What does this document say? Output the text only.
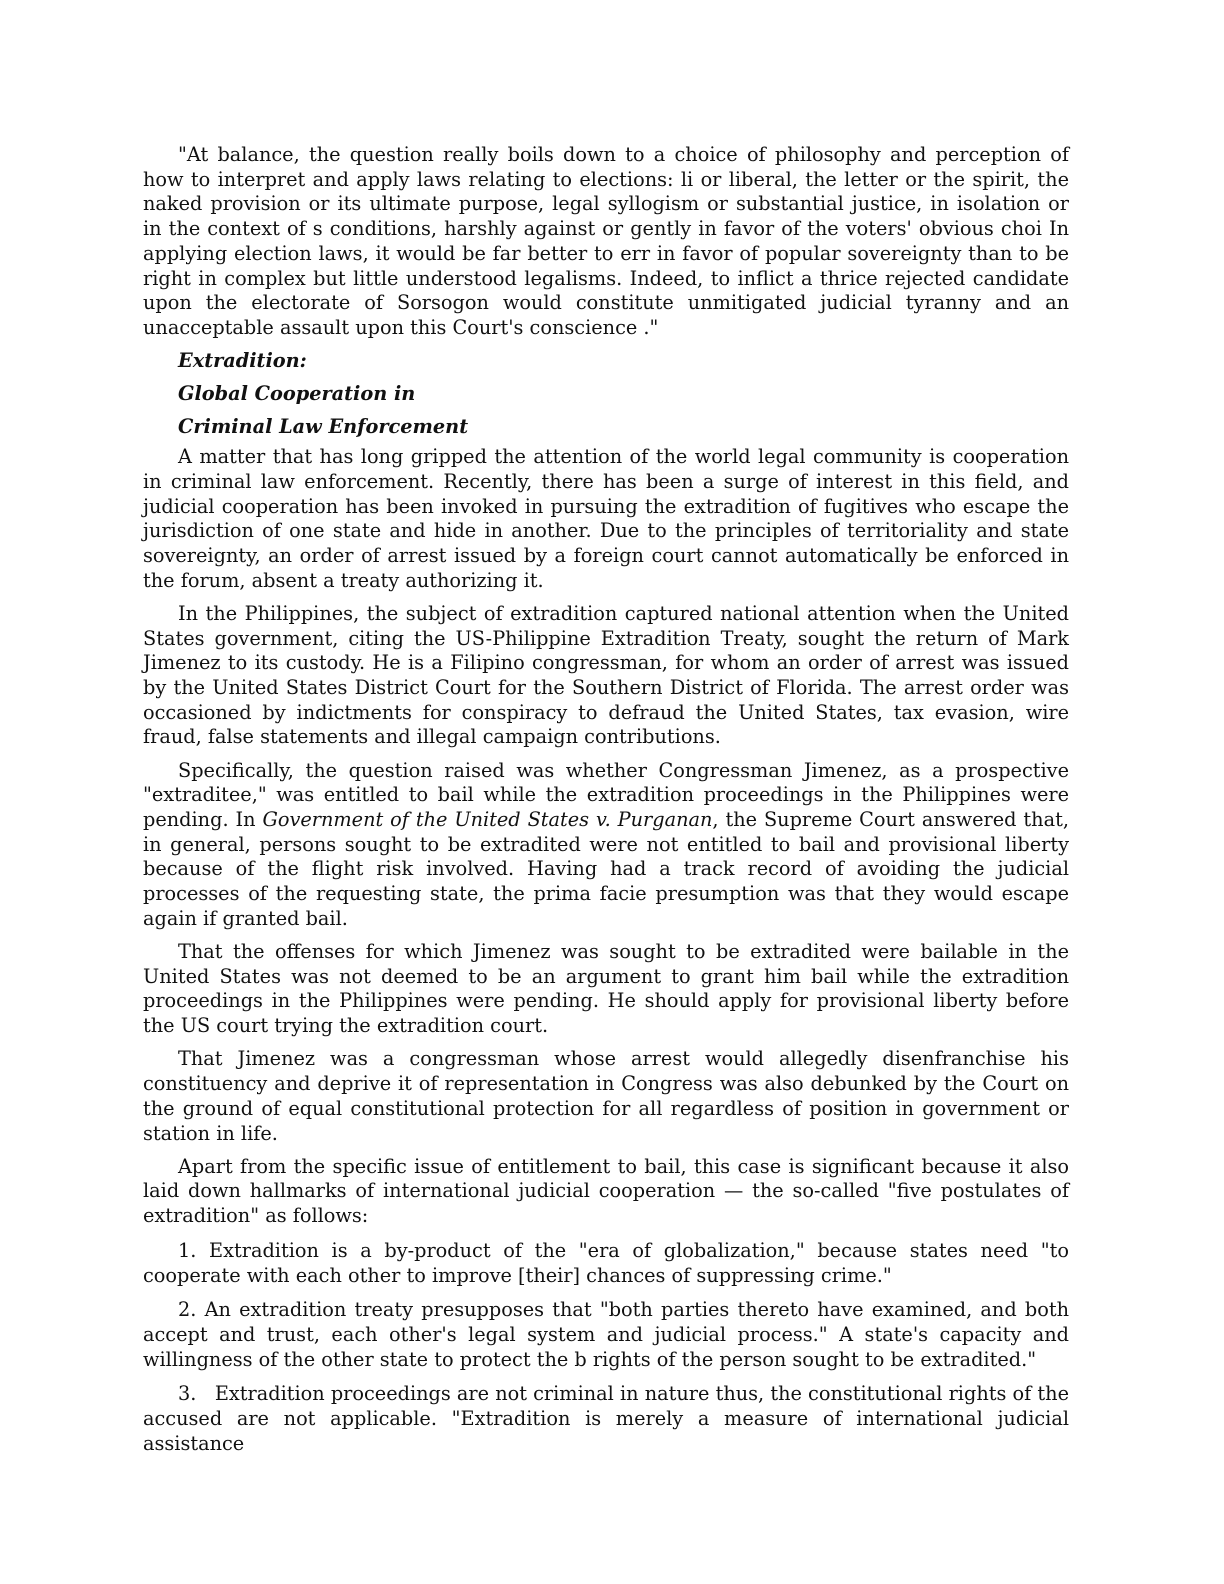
"At balance, the question really boils down to a choice of philosophy and perception of how to interpret and apply laws relating to elections: li or liberal, the letter or the spirit, the naked provision or its ultimate purpose, legal syllogism or substantial justice, in isolation or in the context of s conditions, harshly against or gently in favor of the voters' obvious choi In applying election laws, it would be far better to err in favor of popular sovereignty than to be right in complex but little understood legalisms. Indeed, to inflict a thrice rejected candidate upon the electorate of Sorsogon would constitute unmitigated judicial tyranny and an unacceptable assault upon this Court's conscience ."

Extradition:

Global Cooperation in

Criminal Law Enforcement

A matter that has long gripped the attention of the world legal community is cooperation in criminal law enforcement. Recently, there has been a surge of interest in this field, and judicial cooperation has been invoked in pursuing the extradition of fugitives who escape the jurisdiction of one state and hide in another. Due to the principles of territoriality and state sovereignty, an order of arrest issued by a foreign court cannot automatically be enforced in the forum, absent a treaty authorizing it.

In the Philippines, the subject of extradition captured national attention when the United States government, citing the US-Philippine Extradition Treaty, sought the return of Mark Jimenez to its custody. He is a Filipino congressman, for whom an order of arrest was issued by the United States District Court for the Southern District of Florida. The arrest order was occasioned by indictments for conspiracy to defraud the United States, tax evasion, wire fraud, false statements and illegal campaign contributions.

Specifically, the question raised was whether Congressman Jimenez, as a prospective "extraditee," was entitled to bail while the extradition proceedings in the Philippines were pending. In Government of the United States v. Purganan, the Supreme Court answered that, in general, persons sought to be extradited were not entitled to bail and provisional liberty because of the flight risk involved. Having had a track record of avoiding the judicial processes of the requesting state, the prima facie presumption was that they would escape again if granted bail.

That the offenses for which Jimenez was sought to be extradited were bailable in the United States was not deemed to be an argument to grant him bail while the extradition proceedings in the Philippines were pending. He should apply for provisional liberty before the US court trying the extradition court.

That Jimenez was a congressman whose arrest would allegedly disenfranchise his constituency and deprive it of representation in Congress was also debunked by the Court on the ground of equal constitutional protection for all regardless of position in government or station in life.

Apart from the specific issue of entitlement to bail, this case is significant because it also laid down hallmarks of international judicial cooperation — the so-called "five postulates of extradition" as follows:

1. Extradition is a by-product of the "era of globalization," because states need "to cooperate with each other to improve [their] chances of suppressing crime."

2. An extradition treaty presupposes that "both parties thereto have examined, and both accept and trust, each other's legal system and judicial process." A state's capacity and willingness of the other state to protect the b rights of the person sought to be extradited."

3.   Extradition proceedings are not criminal in nature thus, the constitutional rights of the accused are not applicable. "Extradition is merely a measure of international judicial assistance
